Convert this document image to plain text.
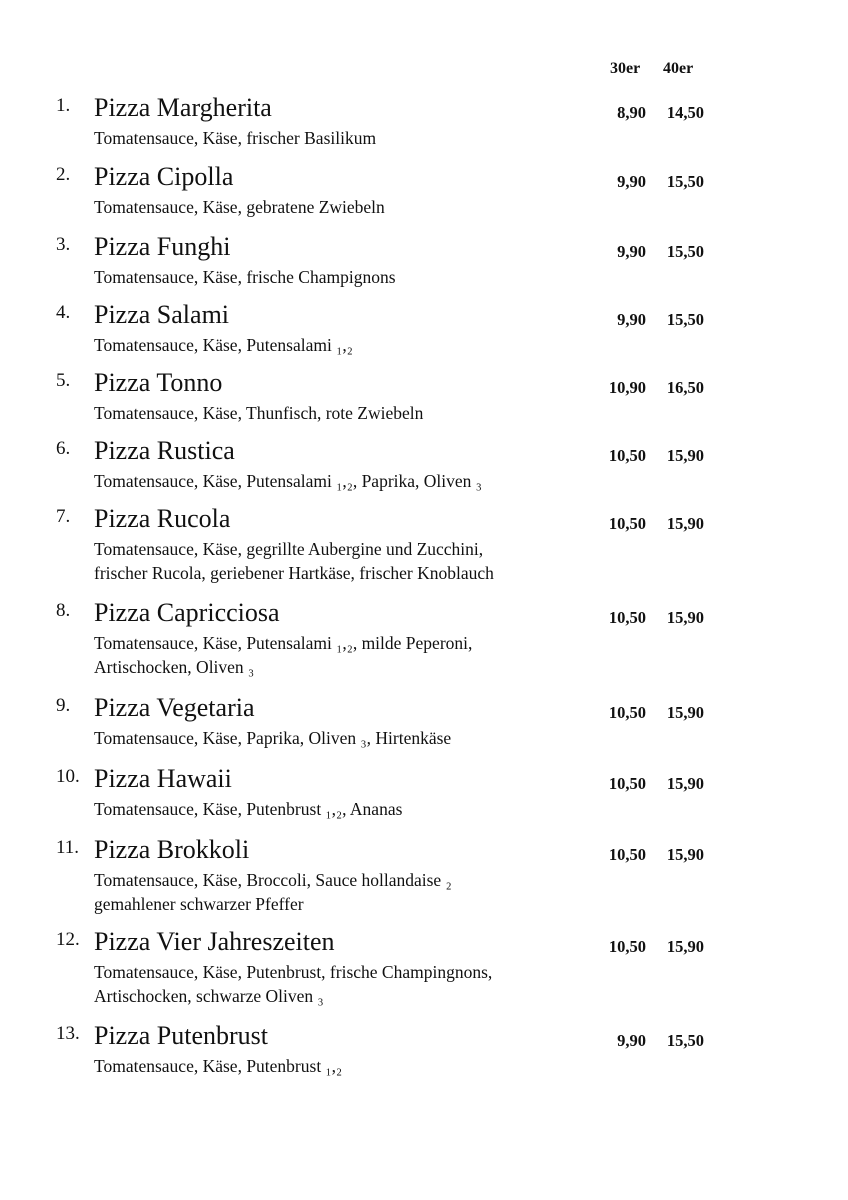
30er 40er
1. Pizza Margherita
Tomatensauce, Käse, frischer Basilikum
8,90	14,50
2. Pizza Cipolla
Tomatensauce, Käse, gebratene Zwiebeln
9,90	15,50
3. Pizza Funghi
Tomatensauce, Käse, frische Champignons
9,90	15,50
4. Pizza Salami
Tomatensauce, Käse, Putensalami ₁,₂
9,90	15,50
5. Pizza Tonno
Tomatensauce, Käse, Thunfisch, rote Zwiebeln
10,90	16,50
6. Pizza Rustica
Tomatensauce, Käse, Putensalami ₁,₂, Paprika, Oliven ₃
10,50	15,90
7. Pizza Rucola
Tomatensauce, Käse, gegrillte Aubergine und Zucchini,
frischer Rucola, geriebener Hartkäse, frischer Knoblauch
10,50	15,90
8. Pizza Capricciosa
Tomatensauce, Käse, Putensalami ₁,₂, milde Peperoni,
Artischocken, Oliven ₃
10,50	15,90
9. Pizza Vegetaria
Tomatensauce, Käse, Paprika, Oliven ₃, Hirtenkäse
10,50	15,90
10. Pizza Hawaii
Tomatensauce, Käse, Putenbrust ₁,₂, Ananas
10,50	15,90
11. Pizza Brokkoli
Tomatensauce, Käse, Broccoli, Sauce hollandaise ₂
gemahlener schwarzer Pfeffer
10,50	15,90
12. Pizza Vier Jahreszeiten
Tomatensauce, Käse, Putenbrust, frische Champingnons,
Artischocken, schwarze Oliven ₃
10,50	15,90
13. Pizza Putenbrust
Tomatensauce, Käse, Putenbrust ₁,₂
9,90	15,50
